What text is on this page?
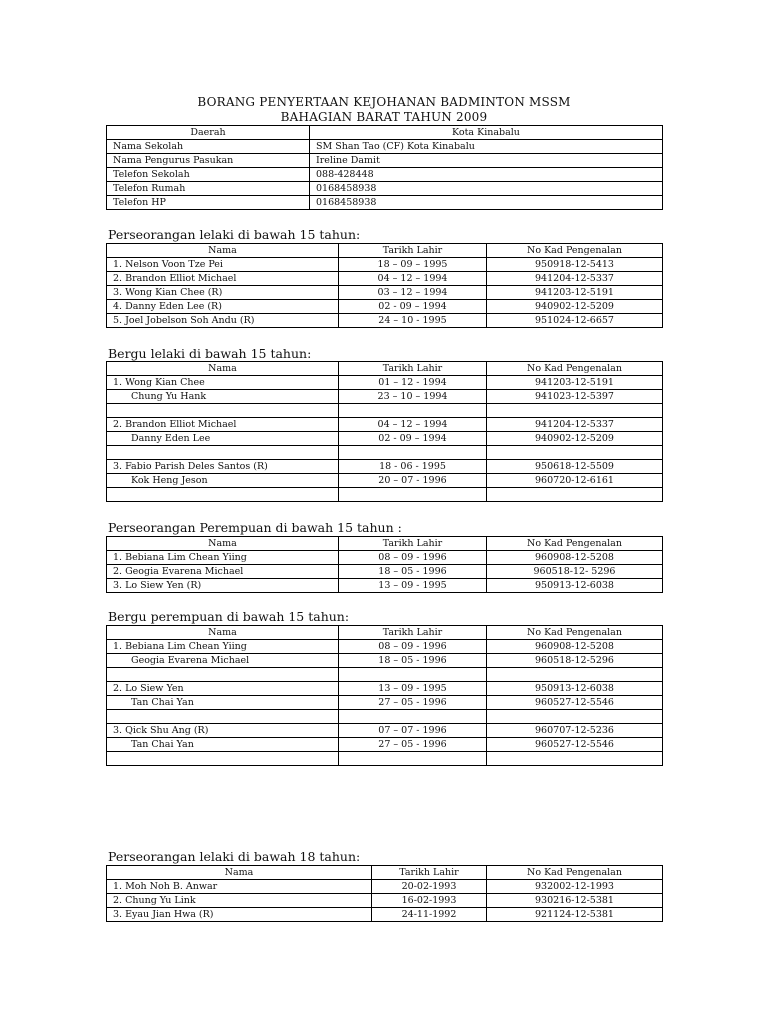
BORANG PENYERTAAN KEJOHANAN BADMINTON MSSM
BAHAGIAN BARAT TAHUN 2009
Daerah	Kota Kinabalu
Nama Sekolah	SM Shan Tao (CF) Kota Kinabalu
Nama Pengurus Pasukan	Ireline Damit
Telefon Sekolah	088-428448
Telefon Rumah	0168458938
Telefon HP	0168458938
Perseorangan lelaki di bawah 15 tahun:
Nama	Tarikh Lahir	No Kad Pengenalan
1. Nelson Voon Tze Pei	18 – 09 – 1995	950918-12-5413
2. Brandon Elliot Michael	04 – 12 – 1994	941204-12-5337
3. Wong Kian Chee (R)	03 – 12 – 1994	941203-12-5191
4. Danny Eden Lee (R)	02 - 09 – 1994	940902-12-5209
5. Joel Jobelson Soh Andu (R)	24 – 10 - 1995	951024-12-6657
Bergu lelaki di bawah 15 tahun:
Nama	Tarikh Lahir	No Kad Pengenalan
1. Wong Kian Chee	01 – 12 - 1994	941203-12-5191
Chung Yu Hank	23 – 10 – 1994	941023-12-5397

2. Brandon Elliot Michael	04 – 12 – 1994	941204-12-5337
Danny Eden Lee	02 - 09 – 1994	940902-12-5209

3. Fabio Parish Deles Santos (R)	18 - 06 - 1995	950618-12-5509
Kok Heng Jeson	20 – 07 - 1996	960720-12-6161

Perseorangan Perempuan di bawah 15 tahun :
Nama	Tarikh Lahir	No Kad Pengenalan
1. Bebiana Lim Chean Yiing	08 – 09 - 1996	960908-12-5208
2. Geogia Evarena Michael	18 – 05 - 1996	960518-12- 5296
3. Lo Siew Yen (R)	13 – 09 - 1995	950913-12-6038
Bergu perempuan di bawah 15 tahun:
Nama	Tarikh Lahir	No Kad Pengenalan
1. Bebiana Lim Chean Yiing	08 – 09 - 1996	960908-12-5208
Geogia Evarena Michael	18 – 05 - 1996	960518-12-5296

2. Lo Siew Yen	13 – 09 - 1995	950913-12-6038
Tan Chai Yan	27 – 05 - 1996	960527-12-5546

3. Qick Shu Ang (R)	07 – 07 - 1996	960707-12-5236
Tan Chai Yan	27 – 05 - 1996	960527-12-5546

Perseorangan lelaki di bawah 18 tahun:
Nama	Tarikh Lahir	No Kad Pengenalan
1. Moh Noh B. Anwar	20-02-1993	932002-12-1993
2. Chung Yu Link	16-02-1993	930216-12-5381
3. Eyau Jian Hwa (R)	24-11-1992	921124-12-5381
